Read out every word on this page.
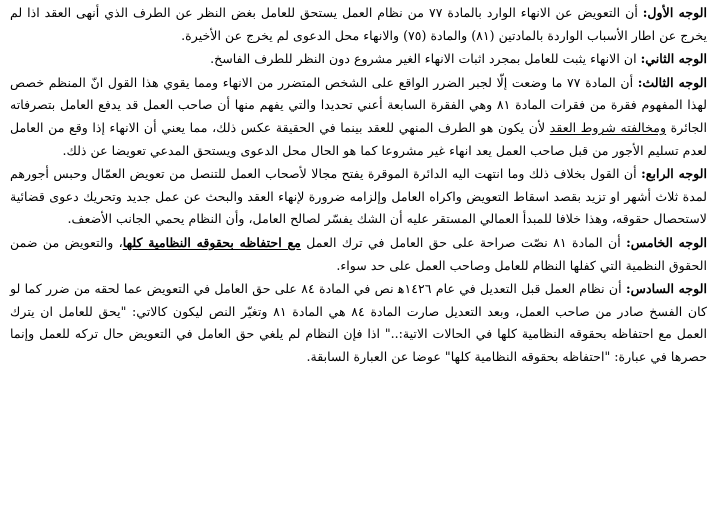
الوجه الأول: أن التعويض عن الانهاء الوارد بالمادة ٧٧ من نظام العمل يستحق للعامل بغض النظر عن الطرف الذي أنهى العقد اذا لم يخرج عن اطار الأسباب الواردة بالمادتين (٨١) والمادة (٧٥) والانهاء محل الدعوى لم يخرج عن الأخيرة.

الوجه الثاني: ان الانهاء يثبت للعامل بمجرد اثبات الانهاء الغير مشروع دون النظر للطرف الفاسخ.

الوجه الثالث: أن المادة ٧٧ ما وضعت إلّا لجبر الضرر الواقع على الشخص المتضرر من الانهاء ومما يقوي هذا القول انّ المنظم خصص لهذا المفهوم فقرة من فقرات المادة ٨١ وهي الفقرة السابعة أعني تحديدا والتي يفهم منها أن صاحب العمل قد يدفع العامل بتصرفاته الجائرة ومخالفته شروط العقد لأن يكون هو الطرف المنهي للعقد بينما في الحقيقة عكس ذلك، مما يعني أن الانهاء إذا وقع من العامل لعدم تسليم الأجور من قبل صاحب العمل يعد انهاء غير مشروعا كما هو الحال محل الدعوى ويستحق المدعي تعويضا عن ذلك.

الوجه الرابع: أن القول بخلاف ذلك وما انتهت اليه الدائرة الموقرة يفتح مجالا لأصحاب العمل للتنصل من تعويض العمّال وحبس أجورهم لمدة ثلاث أشهر او تزيد بقصد اسقاط التعويض واكراه العامل وإلزامه ضرورة لإنهاء العقد والبحث عن عمل جديد وتحريك دعوى قضائية لاستحصال حقوقه، وهذا خلافا للمبدأ العمالي المستقر عليه أن الشك يفسّر لصالح العامل، وأن النظام يحمي الجانب الأضعف.

الوجه الخامس: أن المادة ٨١ نصّت صراحة على حق العامل في ترك العمل مع احتفاظه بحقوقه النظامية كلها، والتعويض من ضمن الحقوق النظمية التي كفلها النظام للعامل وصاحب العمل على حد سواء.

الوجه السادس: أن نظام العمل قبل التعديل في عام ١٤٢٦ﻫ نص في المادة ٨٤ على حق العامل في التعويض عما لحقه من ضرر كما لو كان الفسخ صادر من صاحب العمل، وبعد التعديل صارت المادة ٨٤ هي المادة ٨١ وتغيّر النص ليكون كالاتي: "يحق للعامل ان يترك العمل مع احتفاظه بحقوقه النظامية كلها في الحالات الاتية:.." اذا فإن النظام لم يلغي حق العامل في التعويض حال تركه للعمل وإنما حصرها في عبارة: "احتفاظه بحقوقه النظامية كلها" عوضا عن العبارة السابقة.
